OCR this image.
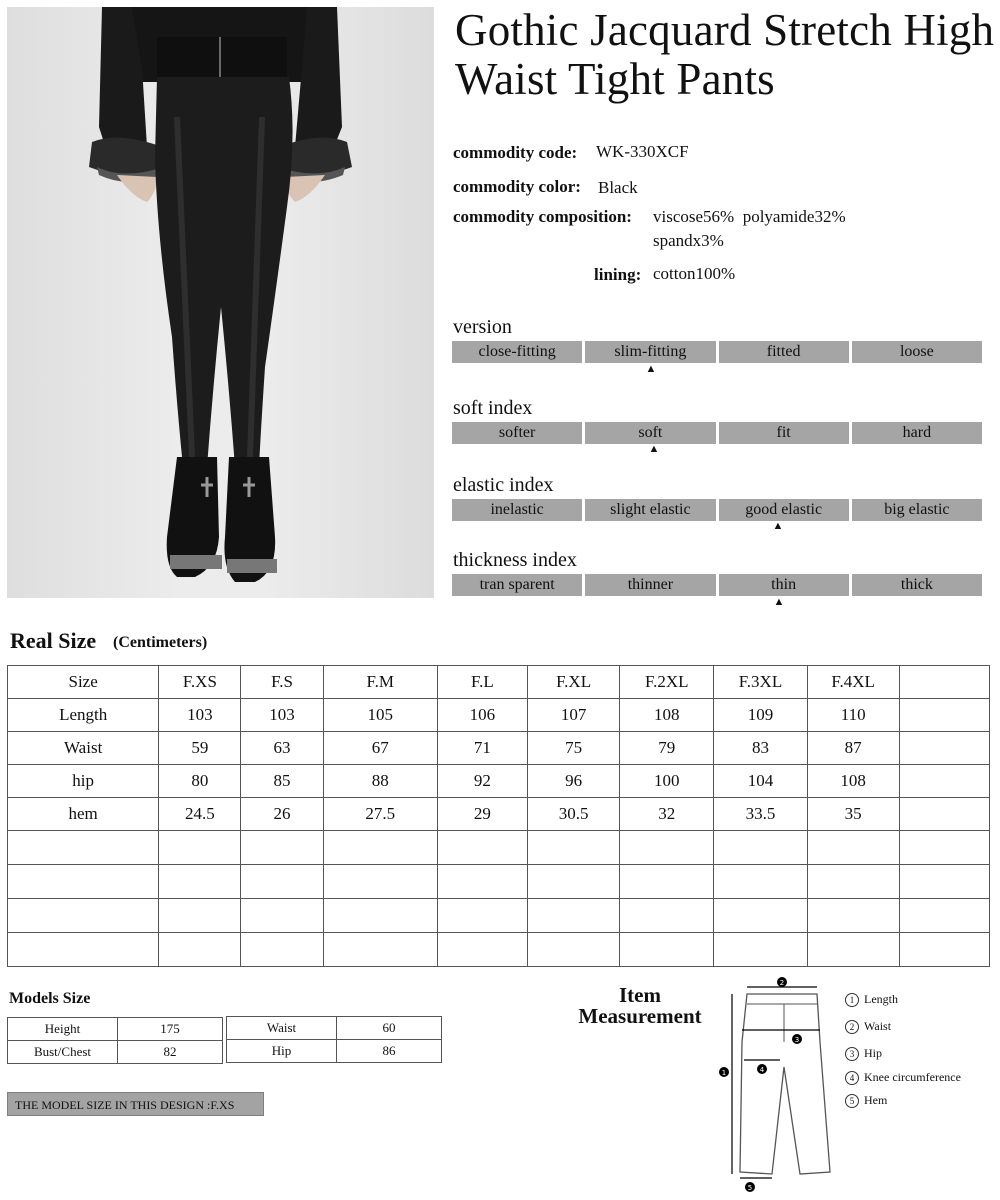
Gothic Jacquard Stretch High Waist Tight Pants
commodity code: WK-330XCF
commodity color: Black
commodity composition: viscose56%  polyamide32%
spandx3%
lining: cotton100%
version
close-fitting	slim-fitting	fitted	loose
▲
soft index
softer	soft	fit	hard
▲
elastic index
inelastic	slight elastic	good elastic	big elastic
▲
thickness index
tran sparent	thinner	thin	thick
▲
Real Size (Centimeters)
Size	F.XS	F.S	F.M	F.L	F.XL	F.2XL	F.3XL	F.4XL	
Length	103	103	105	106	107	108	109	110	
Waist	59	63	67	71	75	79	83	87	
hip	80	85	88	92	96	100	104	108	
hem	24.5	26	27.5	29	30.5	32	33.5	35	

Models Size
Height	175
Bust/Chest	82
Waist	60
Hip	86
THE MODEL SIZE IN THIS DESIGN :F.XS
Item
Measurement
2
3
1	4
5
1 Length
2 Waist
3 Hip
4 Knee circumference
5 Hem
